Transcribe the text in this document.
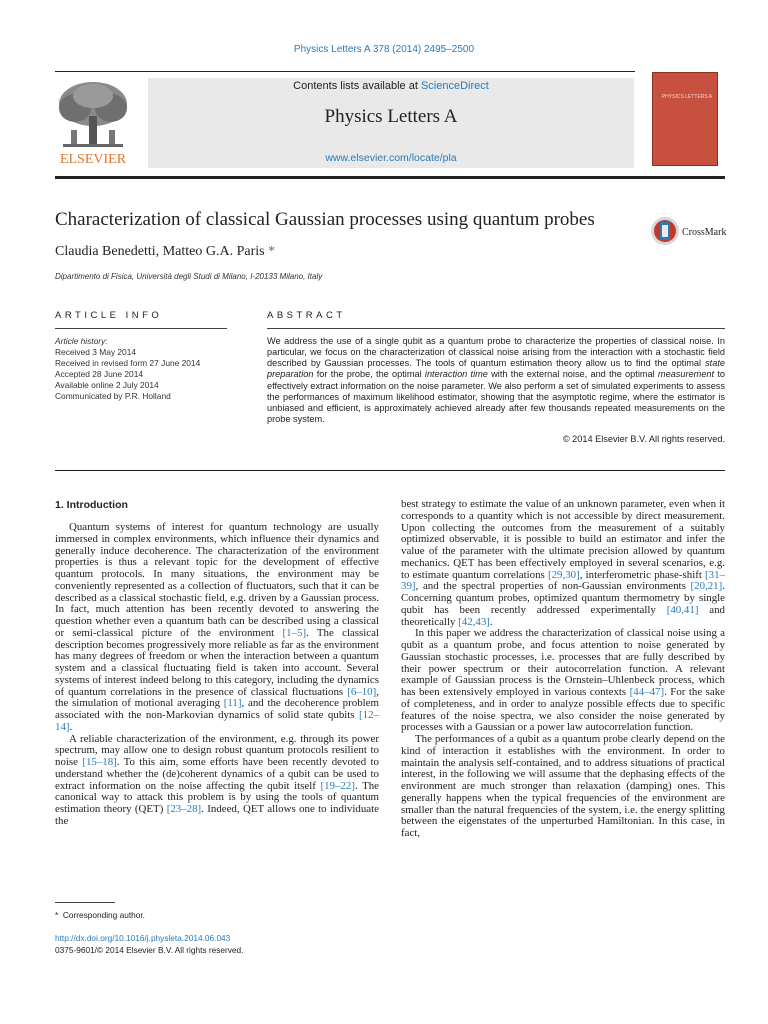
Physics Letters A 378 (2014) 2495–2500
ELSEVIER
Contents lists available at ScienceDirect
Physics Letters A
www.elsevier.com/locate/pla
PHYSICS LETTERS A
Characterization of classical Gaussian processes using quantum probes
CrossMark
Claudia Benedetti, Matteo G.A. Paris *
Dipartimento di Fisica, Università degli Studi di Milano, I-20133 Milano, Italy
ARTICLE INFO	ABSTRACT
Article history:
Received 3 May 2014
Received in revised form 27 June 2014
Accepted 28 June 2014
Available online 2 July 2014
Communicated by P.R. Holland
We address the use of a single qubit as a quantum probe to characterize the properties of classical noise. In particular, we focus on the characterization of classical noise arising from the interaction with a stochastic field described by Gaussian processes. The tools of quantum estimation theory allow us to find the optimal state preparation for the probe, the optimal interaction time with the external noise, and the optimal measurement to effectively extract information on the noise parameter. We also perform a set of simulated experiments to assess the performances of maximum likelihood estimator, showing that the asymptotic regime, where the estimator is unbiased and efficient, is approximately achieved already after few thousands repeated measurements on the probe system.
© 2014 Elsevier B.V. All rights reserved.
1. Introduction

Quantum systems of interest for quantum technology are usually immersed in complex environments, which influence their dynamics and generally induce decoherence. The characterization of the environment properties is thus a relevant topic for the development of effective quantum protocols. In many situations, the environment may be conveniently represented as a collection of fluctuators, such that it can be described as a classical stochastic field, e.g. driven by a Gaussian process. In fact, much attention has been recently devoted to answering the question whether even a quantum bath can be described using a classical or semi-classical picture of the environment [1–5]. The classical description becomes progressively more reliable as far as the environment has many degrees of freedom or when the interaction between a quantum system and a classical fluctuating field is taken into account. Several systems of interest indeed belong to this category, including the dynamics of quantum correlations in the presence of classical fluctuations [6–10], the simulation of motional averaging [11], and the decoherence problem associated with the non-Markovian dynamics of solid state qubits [12–14].

A reliable characterization of the environment, e.g. through its power spectrum, may allow one to design robust quantum protocols resilient to noise [15–18]. To this aim, some efforts have been recently devoted to understand whether the (de)coherent dynamics of a qubit can be used to extract information on the noise affecting the qubit itself [19–22]. The canonical way to attack this problem is by using the tools of quantum estimation theory (QET) [23–28]. Indeed, QET allows one to individuate the

best strategy to estimate the value of an unknown parameter, even when it corresponds to a quantity which is not accessible by direct measurement. Upon collecting the outcomes from the measurement of a suitably optimized observable, it is possible to build an estimator and infer the value of the parameter with the ultimate precision allowed by quantum mechanics. QET has been effectively employed in several scenarios, e.g. to estimate quantum correlations [29,30], interferometric phase-shift [31–39], and the spectral properties of non-Gaussian environments [20,21]. Concerning quantum probes, optimized quantum thermometry by single qubit has been recently addressed experimentally [40,41] and theoretically [42,43].

In this paper we address the characterization of classical noise using a qubit as a quantum probe, and focus attention to noise generated by Gaussian stochastic processes, i.e. processes that are fully described by their power spectrum or their autocorrelation function. A relevant example of Gaussian process is the Ornstein–Uhlenbeck process, which has been extensively employed in various contexts [44–47]. For the sake of completeness, and in order to analyze possible effects due to specific features of the noise spectra, we also consider the noise generated by processes with a Gaussian or a power law autocorrelation function.

The performances of a qubit as a quantum probe clearly depend on the kind of interaction it establishes with the environment. In order to maintain the analysis self-contained, and to address situations of practical interest, in the following we will assume that the dephasing effects of the environment are much stronger than relaxation (damping) ones. This generally happens when the typical frequencies of the environment are smaller than the natural frequencies of the system, i.e. the energy splitting between the eigenstates of the unperturbed Hamiltonian. In this case, in fact,

* Corresponding author.
http://dx.doi.org/10.1016/j.physleta.2014.06.043
0375-9601/© 2014 Elsevier B.V. All rights reserved.
